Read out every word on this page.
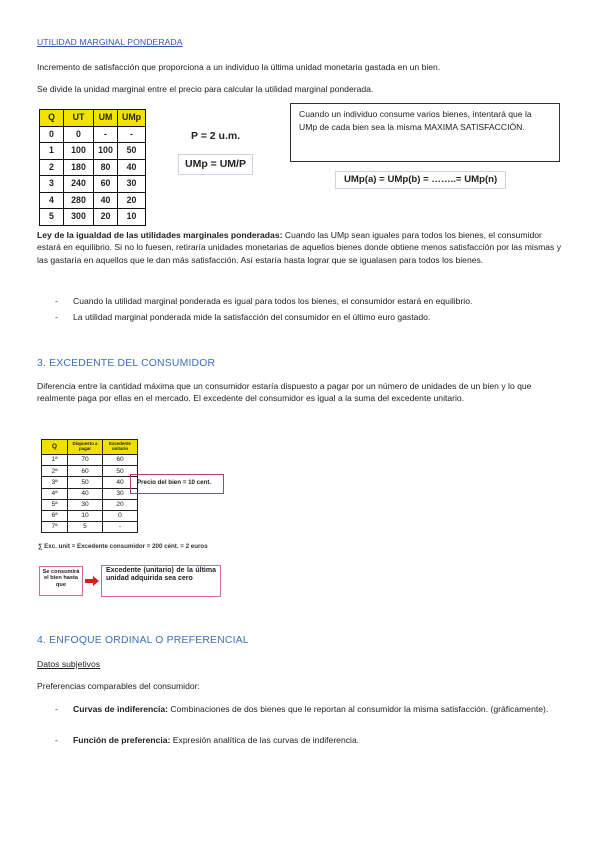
UTILIDAD MARGINAL PONDERADA
Incremento de satisfacción que proporciona a un individuo la última unidad monetaria gastada en un bien.
Se divide la unidad marginal entre el precio para calcular la utilidad marginal ponderada.
Q	UT	UM	UMp
0	0	-	-
1	100	100	50
2	180	80	40
3	240	60	30
4	280	40	20
5	300	20	10
P = 2 u.m.
UMp = UM/P
Cuando un individuo consume varios bienes, intentará que la UMp de cada bien sea la misma MAXIMA SATISFACCIÓN.
UMp(a) = UMp(b) = ……..= UMp(n)
Ley de la igualdad de las utilidades marginales ponderadas: Cuando las UMp sean iguales para todos los bienes, el consumidor estará en equilibrio. Si no lo fuesen, retiraría unidades monetarias de aquellos bienes donde obtiene menos satisfacción por las mismas y las gastaría en aquellos que le dan más satisfacción. Así estaría hasta lograr que se igualasen para todos los bienes.
-	Cuando la utilidad marginal ponderada es igual para todos los bienes, el consumidor estará en equilibrio.
-	La utilidad marginal ponderada mide la satisfacción del consumidor en el último euro gastado.
3. EXCEDENTE DEL CONSUMIDOR
Diferencia entre la cantidad máxima que un consumidor estaría dispuesto a pagar por un número de unidades de un bien y lo que realmente paga por ellas en el mercado. El excedente del consumidor es igual a la suma del excedente unitario.
Q	Dispuesto a pagar	Excedente unitario
1ª	70	60
2ª	60	50
3ª	50	40
4ª	40	30
5ª	30	20
6ª	10	0
7ª	5	-
Precio del bien = 10 cent.
∑ Exc. unit = Excedente consumidor = 200 cént. = 2 euros
Se consumirá el bien hasta que
Excedente (unitario) de la última unidad adquirida sea cero
4. ENFOQUE ORDINAL O PREFERENCIAL
Datos subjetivos
Preferencias comparables del consumidor:
-	Curvas de indiferencia: Combinaciones de dos bienes que le reportan al consumidor la misma satisfacción. (gráficamente).
-	Función de preferencia: Expresión analítica de las curvas de indiferencia.
